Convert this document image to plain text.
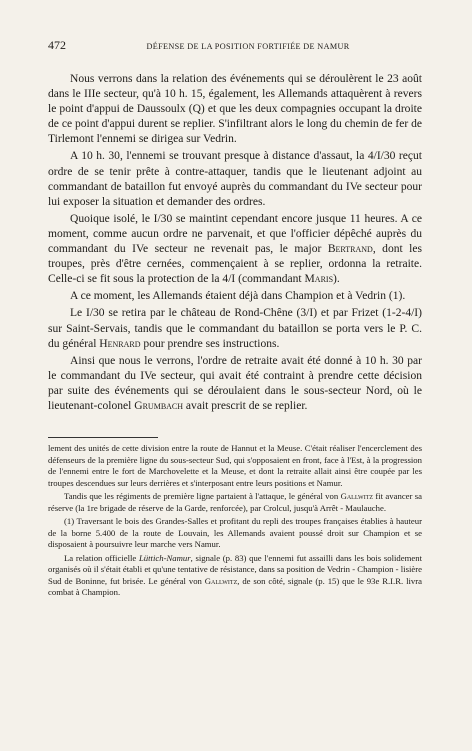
472	DÉFENSE DE LA POSITION FORTIFIÉE DE NAMUR

Nous verrons dans la relation des événements qui se déroulèrent le 23 août dans le IIIe secteur, qu'à 10 h. 15, également, les Allemands attaquèrent à revers le point d'appui de Daussoulx (Q) et que les deux compagnies occupant la droite de ce point d'appui durent se replier. S'infiltrant alors le long du chemin de fer de Tirlemont l'ennemi se dirigea sur Vedrin.

A 10 h. 30, l'ennemi se trouvant presque à distance d'assaut, la 4/I/30 reçut ordre de se tenir prête à contre-attaquer, tandis que le lieutenant adjoint au commandant de bataillon fut envoyé auprès du commandant du IVe secteur pour lui exposer la situation et demander des ordres.

Quoique isolé, le I/30 se maintint cependant encore jusque 11 heures. A ce moment, comme aucun ordre ne parvenait, et que l'officier dépêché auprès du commandant du IVe secteur ne revenait pas, le major Bertrand, dont les troupes, près d'être cernées, commençaient à se replier, ordonna la retraite. Celle-ci se fit sous la protection de la 4/I (commandant Maris).

A ce moment, les Allemands étaient déjà dans Champion et à Vedrin (1).

Le I/30 se retira par le château de Rond-Chêne (3/I) et par Frizet (1-2-4/I) sur Saint-Servais, tandis que le commandant du bataillon se porta vers le P. C. du général Henrard pour prendre ses instructions.

Ainsi que nous le verrons, l'ordre de retraite avait été donné à 10 h. 30 par le commandant du IVe secteur, qui avait été contraint à prendre cette décision par suite des événements qui se déroulaient dans le sous-secteur Nord, où le lieutenant-colonel Grumbach avait prescrit de se replier.

lement des unités de cette division entre la route de Hannut et la Meuse. C'était réaliser l'encerclement des défenseurs de la première ligne du sous-secteur Sud, qui s'opposaient en front, face à l'Est, à la progression de l'ennemi entre le fort de Marchovelette et la Meuse, et dont la retraite allait ainsi être coupée par les troupes descendues sur leurs derrières et s'interposant entre leurs positions et Namur.

Tandis que les régiments de première ligne partaient à l'attaque, le général von Gallwitz fit avancer sa réserve (la 1re brigade de réserve de la Garde, renforcée), par Crolcul, jusqu'à Arrêt - Maulauche.

(1) Traversant le bois des Grandes-Salles et profitant du repli des troupes françaises établies à hauteur de la borne 5.400 de la route de Louvain, les Allemands avaient poussé droit sur Champion et se disposaient à poursuivre leur marche vers Namur.

La relation officielle Lüttich-Namur, signale (p. 83) que l'ennemi fut assailli dans les bois solidement organisés où il s'était établi et qu'une tentative de résistance, dans sa position de Vedrin - Champion - lisière Sud de Boninne, fut brisée. Le général von Gallwitz, de son côté, signale (p. 15) que le 93e R.I.R. livra combat à Champion.
